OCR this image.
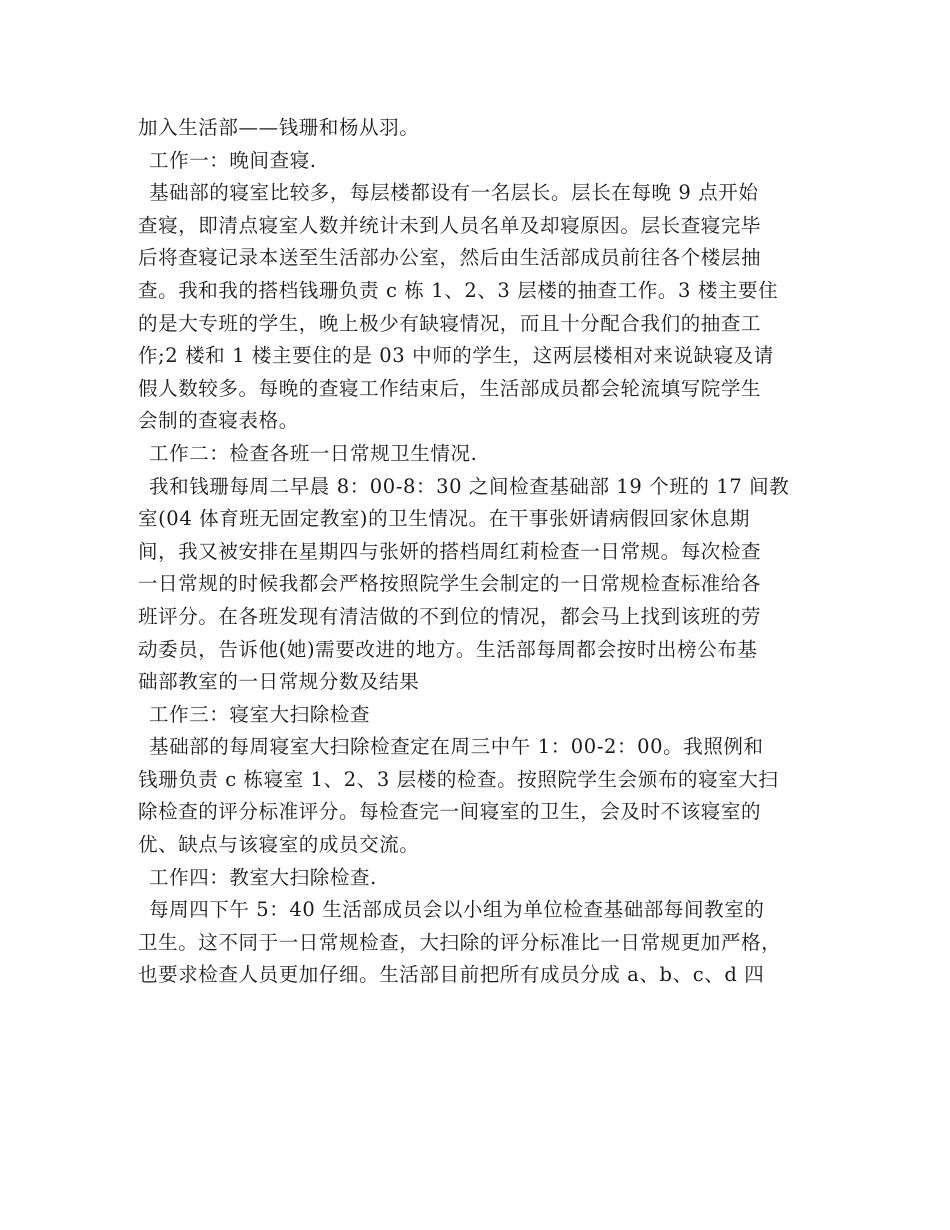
加入生活部——钱珊和杨从羽。
工作一：晚间查寝.
基础部的寝室比较多，每层楼都设有一名层长。层长在每晚 9 点开始
查寝，即清点寝室人数并统计未到人员名单及却寝原因。层长查寝完毕
后将查寝记录本送至生活部办公室，然后由生活部成员前往各个楼层抽
查。我和我的搭档钱珊负责 c 栋 1、2、3 层楼的抽查工作。3 楼主要住
的是大专班的学生，晚上极少有缺寝情况，而且十分配合我们的抽查工
作;2 楼和 1 楼主要住的是 03 中师的学生，这两层楼相对来说缺寝及请
假人数较多。每晚的查寝工作结束后，生活部成员都会轮流填写院学生
会制的查寝表格。
工作二：检查各班一日常规卫生情况.
我和钱珊每周二早晨 8：00-8：30 之间检查基础部 19 个班的 17 间教
室(04 体育班无固定教室)的卫生情况。在干事张妍请病假回家休息期
间，我又被安排在星期四与张妍的搭档周红莉检查一日常规。每次检查
一日常规的时候我都会严格按照院学生会制定的一日常规检查标准给各
班评分。在各班发现有清洁做的不到位的情况，都会马上找到该班的劳
动委员，告诉他(她)需要改进的地方。生活部每周都会按时出榜公布基
础部教室的一日常规分数及结果
工作三：寝室大扫除检查
基础部的每周寝室大扫除检查定在周三中午 1：00-2：00。我照例和
钱珊负责 c 栋寝室 1、2、3 层楼的检查。按照院学生会颁布的寝室大扫
除检查的评分标准评分。每检查完一间寝室的卫生，会及时不该寝室的
优、缺点与该寝室的成员交流。
工作四：教室大扫除检查.
每周四下午 5：40 生活部成员会以小组为单位检查基础部每间教室的
卫生。这不同于一日常规检查，大扫除的评分标准比一日常规更加严格，
也要求检查人员更加仔细。生活部目前把所有成员分成 a、b、c、d 四
